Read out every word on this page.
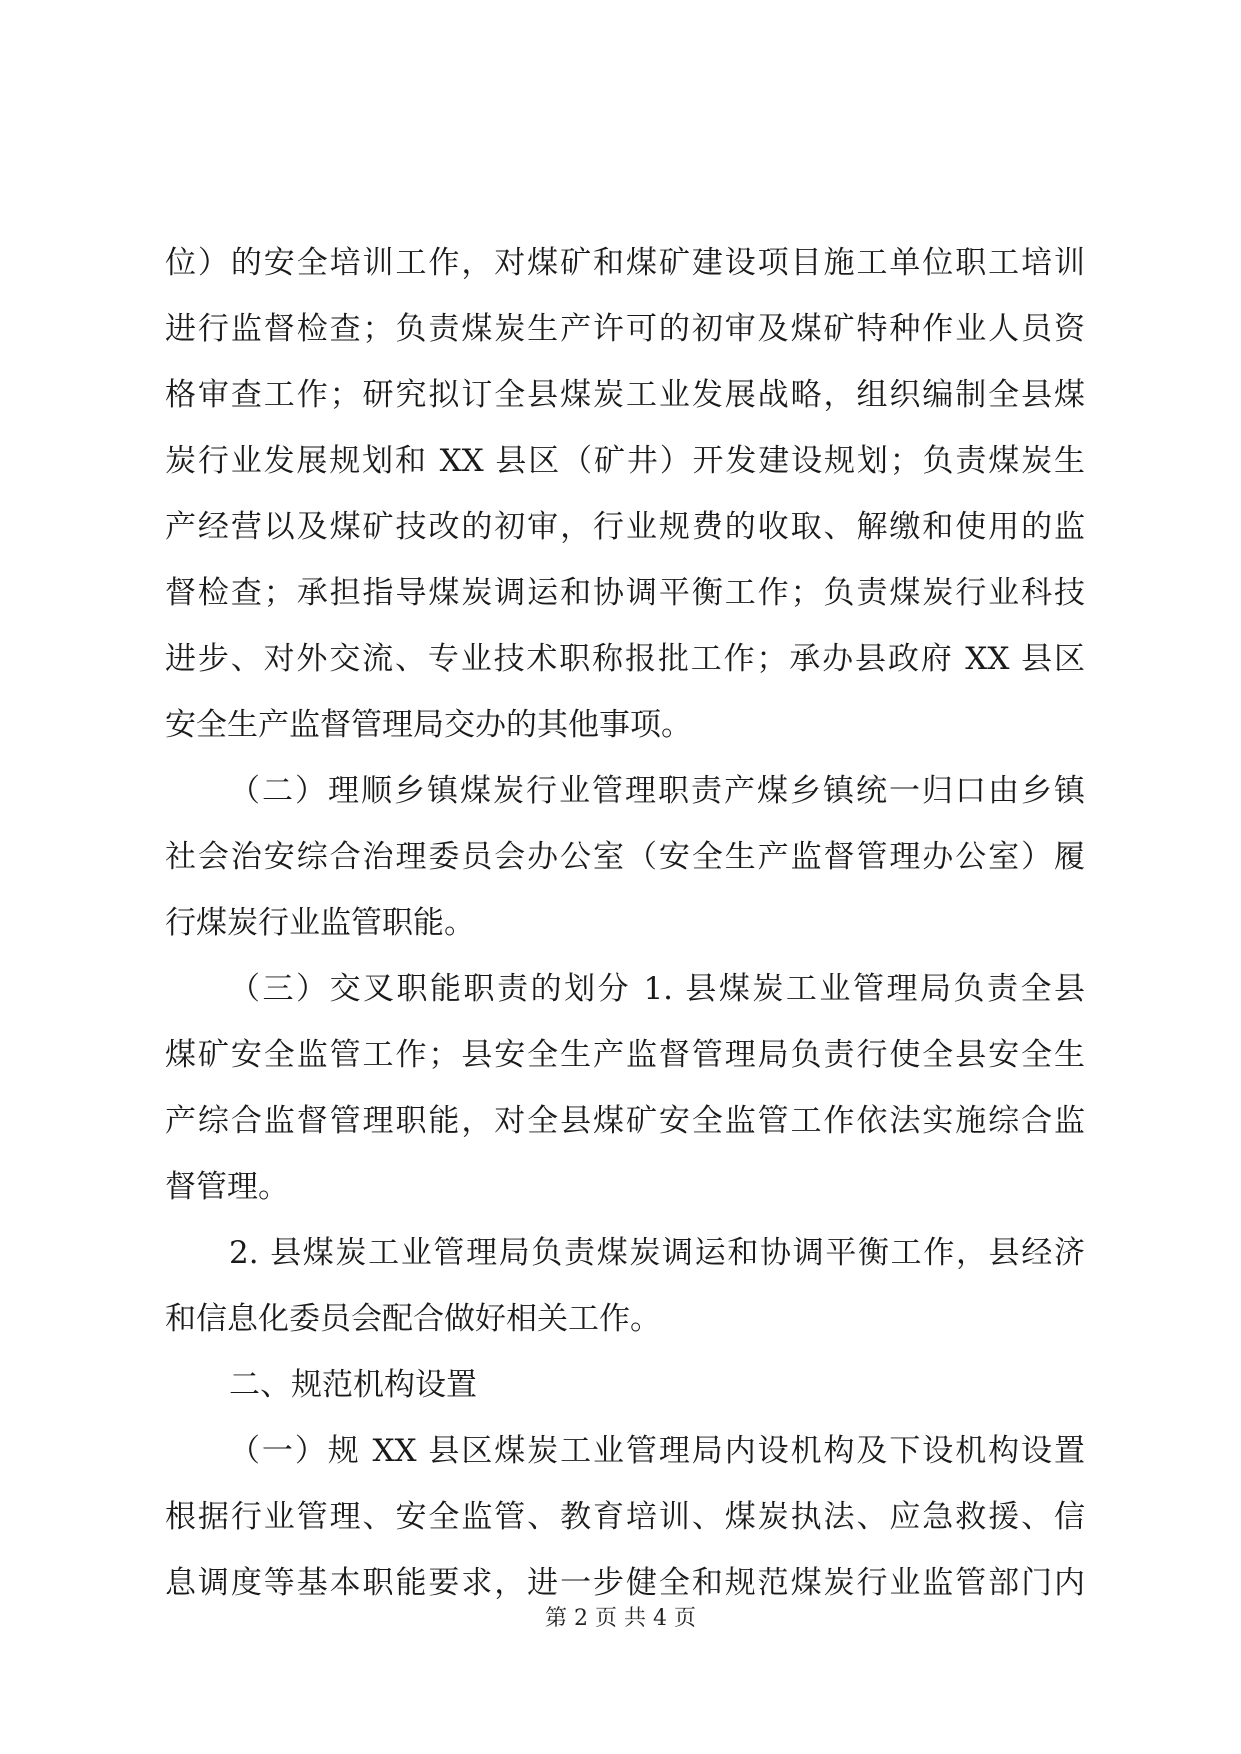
位）的安全培训工作，对煤矿和煤矿建设项目施工单位职工培训
进行监督检查；负责煤炭生产许可的初审及煤矿特种作业人员资
格审查工作；研究拟订全县煤炭工业发展战略，组织编制全县煤
炭行业发展规划和 XX 县区（矿井）开发建设规划；负责煤炭生
产经营以及煤矿技改的初审，行业规费的收取、解缴和使用的监
督检查；承担指导煤炭调运和协调平衡工作；负责煤炭行业科技
进步、对外交流、专业技术职称报批工作；承办县政府 XX 县区
安全生产监督管理局交办的其他事项。
（二）理顺乡镇煤炭行业管理职责产煤乡镇统一归口由乡镇
社会治安综合治理委员会办公室（安全生产监督管理办公室）履
行煤炭行业监管职能。
（三）交叉职能职责的划分 1. 县煤炭工业管理局负责全县
煤矿安全监管工作；县安全生产监督管理局负责行使全县安全生
产综合监督管理职能，对全县煤矿安全监管工作依法实施综合监
督管理。
2. 县煤炭工业管理局负责煤炭调运和协调平衡工作，县经济
和信息化委员会配合做好相关工作。
二、规范机构设置
（一）规 XX 县区煤炭工业管理局内设机构及下设机构设置
根据行业管理、安全监管、教育培训、煤炭执法、应急救援、信
息调度等基本职能要求，进一步健全和规范煤炭行业监管部门内
第 2 页 共 4 页
